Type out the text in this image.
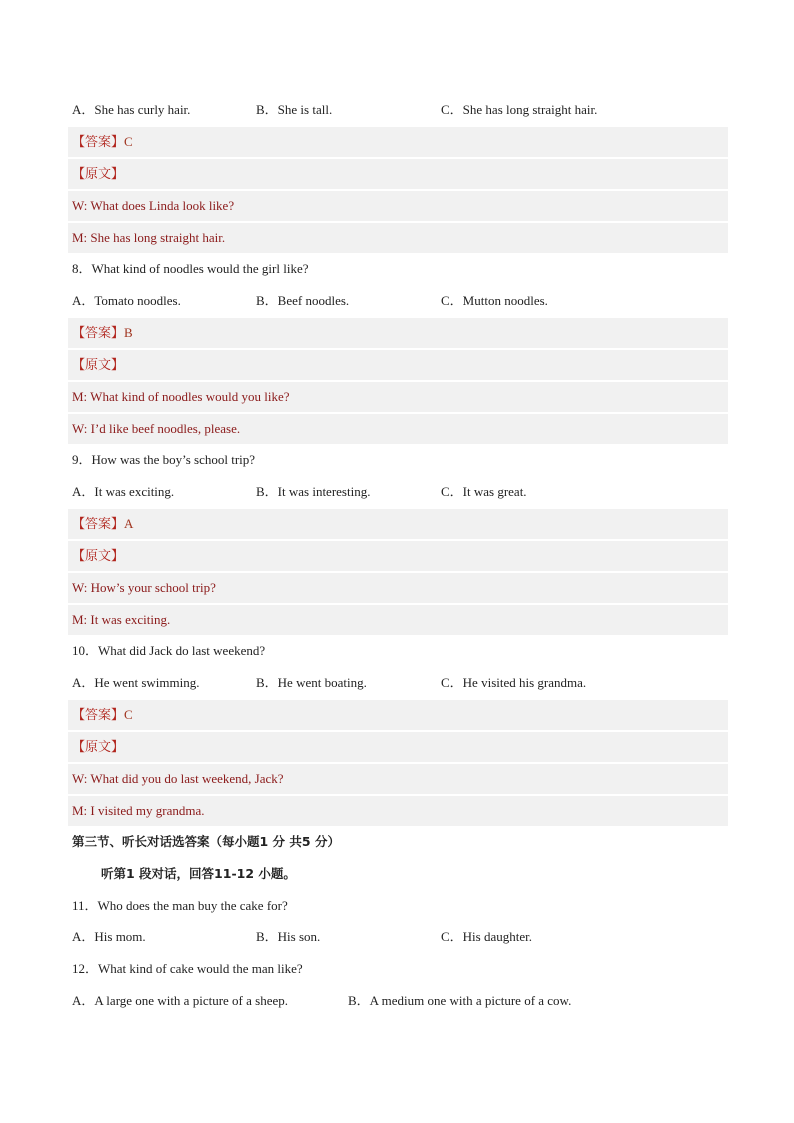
A．She has curly hair.	B．She is tall.	C．She has long straight hair.
【答案】C
【原文】
W: What does Linda look like?
M: She has long straight hair.
8．What kind of noodles would the girl like?
A．Tomato noodles.	B．Beef noodles.	C．Mutton noodles.
【答案】B
【原文】
M: What kind of noodles would you like?
W: I’d like beef noodles, please.
9．How was the boy’s school trip?
A．It was exciting.	B．It was interesting.	C．It was great.
【答案】A
【原文】
W: How’s your school trip?
M: It was exciting.
10．What did Jack do last weekend?
A．He went swimming.	B．He went boating.	C．He visited his grandma.
【答案】C
【原文】
W: What did you do last weekend, Jack?
M: I visited my grandma.
第三节、听长对话选答案（每小题1 分 共5 分）
听第1 段对话，回答11-12 小题。
11．Who does the man buy the cake for?
A．His mom.	B．His son.	C．His daughter.
12．What kind of cake would the man like?
A．A large one with a picture of a sheep.	B．A medium one with a picture of a cow.
